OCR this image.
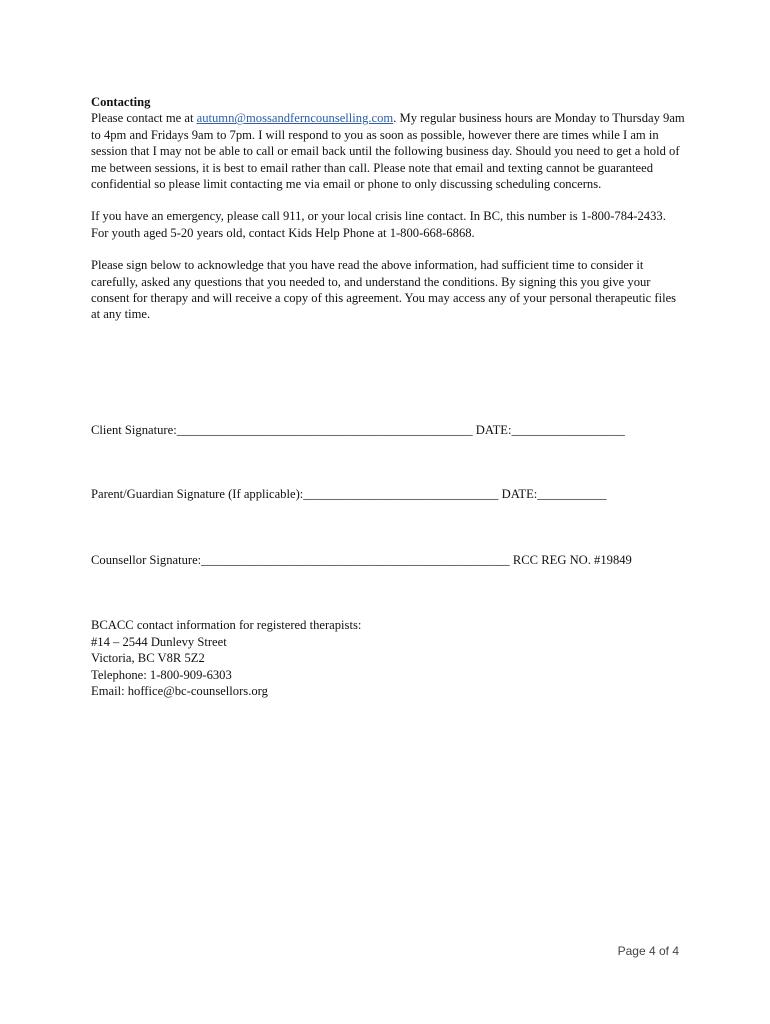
Contacting

Please contact me at autumn@mossandferncounselling.com. My regular business hours are Monday to Thursday 9am to 4pm and Fridays 9am to 7pm. I will respond to you as soon as possible, however there are times while I am in session that I may not be able to call or email back until the following business day. Should you need to get a hold of me between sessions, it is best to email rather than call. Please note that email and texting cannot be guaranteed confidential so please limit contacting me via email or phone to only discussing scheduling concerns.

If you have an emergency, please call 911, or your local crisis line contact. In BC, this number is 1-800-784-2433. For youth aged 5-20 years old, contact Kids Help Phone at 1-800-668-6868.

Please sign below to acknowledge that you have read the above information, had sufficient time to consider it carefully, asked any questions that you needed to, and understand the conditions. By signing this you give your consent for therapy and will receive a copy of this agreement. You may access any of your personal therapeutic files at any time.

Client Signature:_______________________________________________ DATE:__________________
Parent/Guardian Signature (If applicable):_______________________________ DATE:___________
Counsellor Signature:_________________________________________________ RCC REG NO. #19849
BCACC contact information for registered therapists:
#14 – 2544 Dunlevy Street
Victoria, BC V8R 5Z2
Telephone: 1-800-909-6303
Email: hoffice@bc-counsellors.org
Page 4 of 4
